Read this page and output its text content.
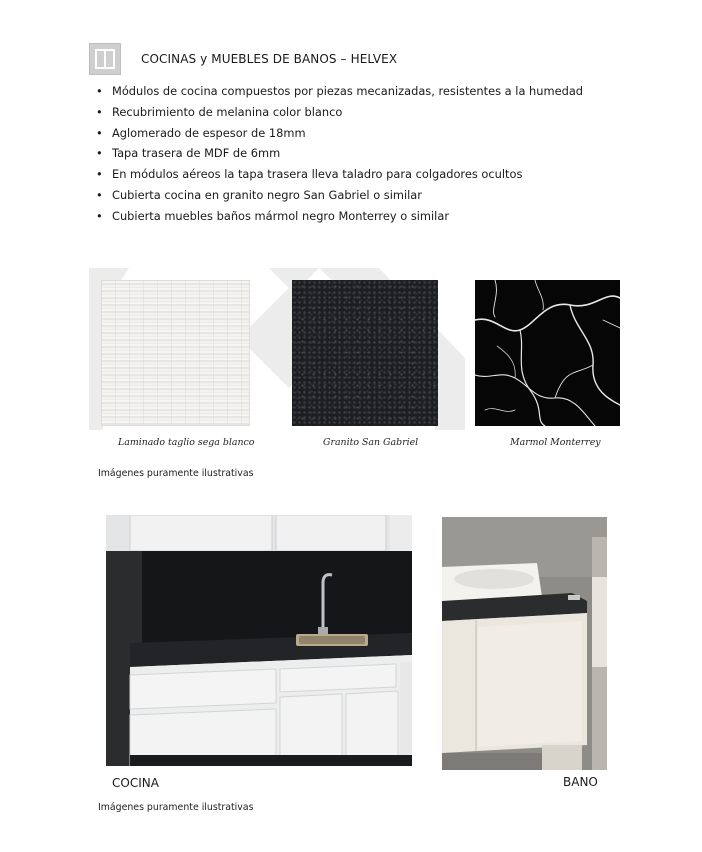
COCINAS y MUEBLES DE BANOS – HELVEX
• Módulos de cocina compuestos por piezas mecanizadas, resistentes a la humedad
• Recubrimiento de melanina color blanco
• Aglomerado de espesor de 18mm
• Tapa trasera de MDF de 6mm
• En módulos aéreos la tapa trasera lleva taladro para colgadores ocultos
• Cubierta cocina en granito negro San Gabriel o similar
• Cubierta muebles baños mármol negro Monterrey o similar
Laminado taglio sega blanco	Granito San Gabriel	Marmol Monterrey
Imágenes puramente ilustrativas
COCINA	BANO
Imágenes puramente ilustrativas
